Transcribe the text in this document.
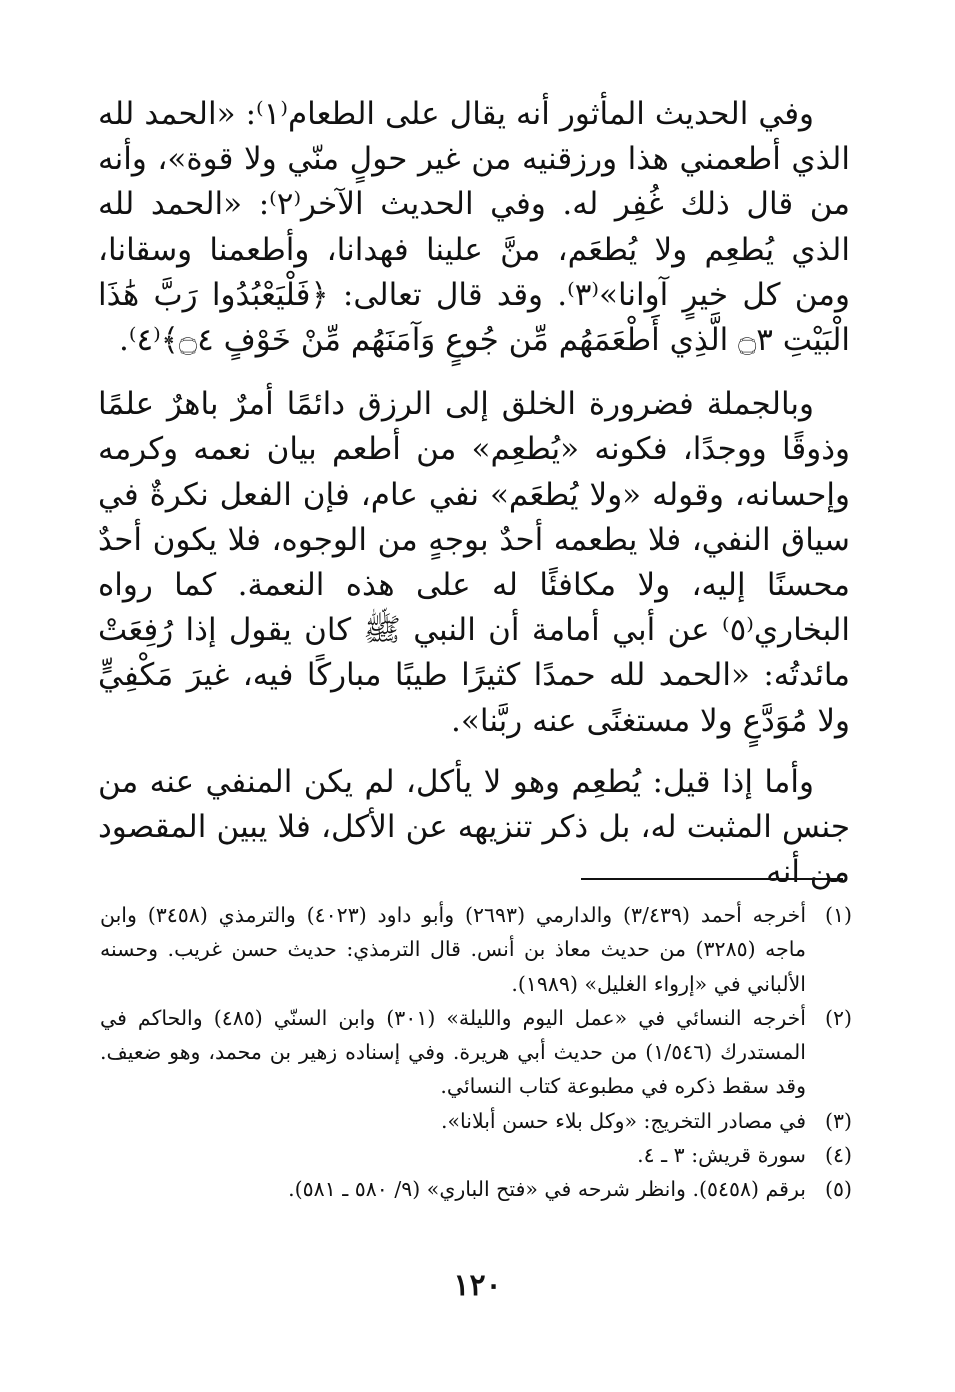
وفي الحديث المأثور أنه يقال على الطعام⁽١⁾: «الحمد لله الذي أطعمني هذا ورزقنيه من غير حولٍ منّي ولا قوة»، وأنه من قال ذلك غُفِر له. وفي الحديث الآخر⁽٢⁾: «الحمد لله الذي يُطعِم ولا يُطعَم، منَّ علينا فهدانا، وأطعمنا وسقانا، ومن كل خيرٍ آوانا»⁽٣⁾. وقد قال تعالى: ﴿فَلْيَعْبُدُوا رَبَّ هَٰذَا الْبَيْتِ ۝٣ الَّذِي أَطْعَمَهُم مِّن جُوعٍ وَآمَنَهُم مِّنْ خَوْفٍ ۝٤﴾⁽٤⁾.

وبالجملة فضرورة الخلق إلى الرزق دائمًا أمرٌ باهرٌ علمًا وذوقًا ووجدًا، فكونه «يُطعِم» من أطعم بيان نعمه وكرمه وإحسانه، وقوله «ولا يُطعَم» نفي عام، فإن الفعل نكرةٌ في سياق النفي، فلا يطعمه أحدٌ بوجهٍ من الوجوه، فلا يكون أحدٌ محسنًا إليه، ولا مكافئًا له على هذه النعمة. كما رواه البخاري⁽٥⁾ عن أبي أمامة أن النبي ﷺ كان يقول إذا رُفِعَتْ مائدتُه: «الحمد لله حمدًا كثيرًا طيبًا مباركًا فيه، غيرَ مَكْفِيٍّ ولا مُوَدَّعٍ ولا مستغنًى عنه ربَّنا».

وأما إذا قيل: يُطعِم وهو لا يأكل، لم يكن المنفي عنه من جنس المثبت له، بل ذكر تنزيهه عن الأكل، فلا يبين المقصود من أنه

(١)
أخرجه أحمد (٣/٤٣٩) والدارمي (٢٦٩٣) وأبو داود (٤٠٢٣) والترمذي (٣٤٥٨) وابن ماجه (٣٢٨٥) من حديث معاذ بن أنس. قال الترمذي: حديث حسن غريب. وحسنه الألباني في «إرواء الغليل» (١٩٨٩).
(٢)
أخرجه النسائي في «عمل اليوم والليلة» (٣٠١) وابن السنّي (٤٨٥) والحاكم في المستدرك (١/٥٤٦) من حديث أبي هريرة. وفي إسناده زهير بن محمد، وهو ضعيف. وقد سقط ذكره في مطبوعة كتاب النسائي.
(٣)
في مصادر التخريج: «وكل بلاء حسن أبلانا».
(٤)
سورة قريش: ٣ ـ ٤.
(٥)
برقم (٥٤٥٨). وانظر شرحه في «فتح الباري» (٩/ ٥٨٠ ـ ٥٨١).
١٢٠
